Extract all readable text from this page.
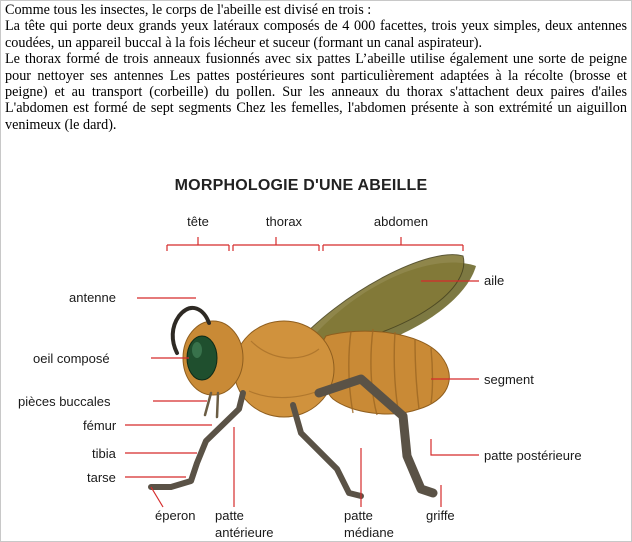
Comme tous les insectes, le corps de l'abeille est divisé en trois :

La tête qui porte deux grands yeux latéraux composés de 4 000 facettes, trois yeux simples, deux antennes coudées, un appareil buccal à la fois lécheur et suceur (formant un canal aspirateur).

Le thorax formé de trois anneaux fusionnés avec six pattes L’abeille utilise également une sorte de peigne pour nettoyer ses antennes Les pattes postérieures sont particulièrement adaptées à la récolte (brosse et peigne) et au transport (corbeille) du pollen. Sur les anneaux du thorax s'attachent deux paires d'ailes L'abdomen est formé de sept segments Chez les femelles, l'abdomen présente à son extrémité un aiguillon venimeux (le dard).

MORPHOLOGIE D'UNE ABEILLE
tête	thorax	abdomen
antenne
oeil composé
pièces buccales
fémur
tibia
tarse
éperon patte
antérieure
patte
médiane
griffe
aile
segment
patte postérieure
